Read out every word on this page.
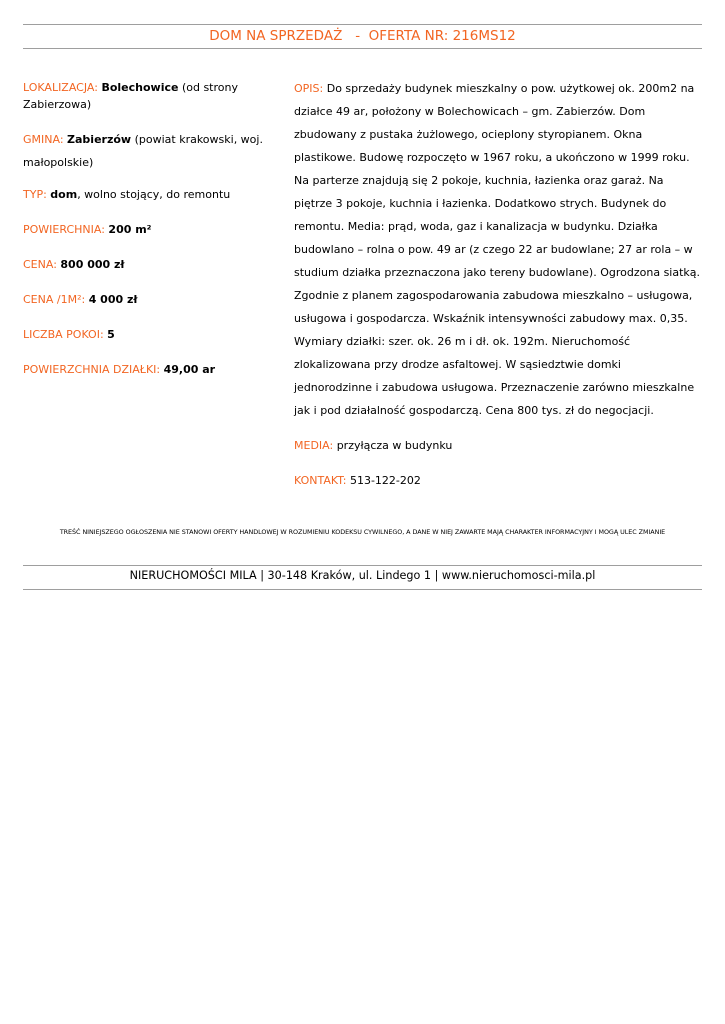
DOM NA SPRZEDAŻ   -  OFERTA NR: 216MS12
LOKALIZACJA: Bolechowice (od strony Zabierzowa)
GMINA: Zabierzów (powiat krakowski, woj. małopolskie)
TYP: dom, wolno stojący, do remontu
POWIERCHNIA: 200 m²
CENA: 800 000 zł
CENA /1M²: 4 000 zł
LICZBA POKOI: 5
POWIERZCHNIA DZIAŁKI: 49,00 ar

OPIS: Do sprzedaży budynek mieszkalny o pow. użytkowej ok. 200m2 na działce 49 ar, położony w Bolechowicach – gm. Zabierzów. Dom zbudowany z pustaka żużlowego, ocieplony styropianem. Okna plastikowe. Budowę rozpoczęto w 1967 roku, a ukończono w 1999 roku. Na parterze znajdują się 2 pokoje, kuchnia, łazienka oraz garaż. Na piętrze 3 pokoje, kuchnia i łazienka. Dodatkowo strych. Budynek do remontu. Media: prąd, woda, gaz i kanalizacja w budynku. Działka budowlano – rolna o pow. 49 ar (z czego 22 ar budowlane; 27 ar rola – w studium działka przeznaczona jako tereny budowlane). Ogrodzona siatką. Zgodnie z planem zagospodarowania zabudowa mieszkalno – usługowa, usługowa i gospodarcza. Wskaźnik intensywności zabudowy max. 0,35. Wymiary działki: szer. ok. 26 m i dł. ok. 192m. Nieruchomość zlokalizowana przy drodze asfaltowej. W sąsiedztwie domki jednorodzinne i zabudowa usługowa. Przeznaczenie zarówno mieszkalne jak i pod działalność gospodarczą. Cena 800 tys. zł do negocjacji.

MEDIA: przyłącza w budynku

KONTAKT: 513-122-202

TREŚĆ NINIEJSZEGO OGŁOSZENIA NIE STANOWI OFERTY HANDLOWEJ W ROZUMIENIU KODEKSU CYWILNEGO, A DANE W NIEJ ZAWARTE MAJĄ CHARAKTER INFORMACYJNY I MOGĄ ULEC ZMIANIE
NIERUCHOMOŚCI MILA | 30-148 Kraków, ul. Lindego 1 | www.nieruchomosci-mila.pl
